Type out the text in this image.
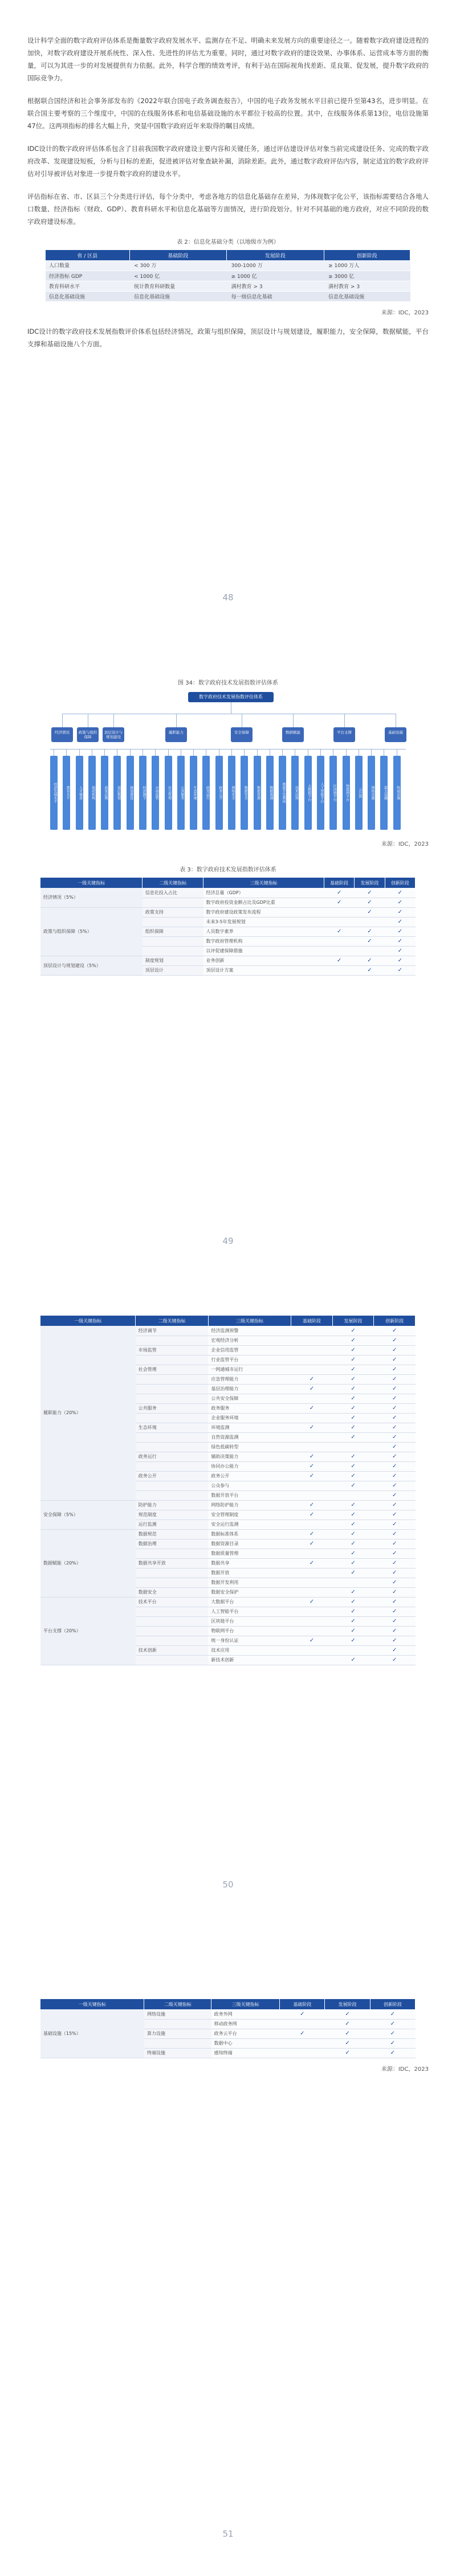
设计科学全面的数字政府评估体系是衡量数字政府发展水平、监测存在不足、明确未来发展方向的重要途径之一。随着数字政府建设进程的加快，对数字政府建设开展系统性、深入性、先进性的评估尤为重要。同时，通过对数字政府的建设效果、办事体系、运营成本等方面的衡量，可以为其进一步的对发展提供有力依据。此外，科学合理的绩效考评，有利于站在国际视角找差距、觅良策、促发展，提升数字政府的国际竞争力。

根据联合国经济和社会事务部发布的《2022年联合国电子政务调查报告》，中国的电子政务发展水平目前已提升至第43名，进步明显。在联合国主要考察的三个维度中，中国的在线服务体系和电信基础设施的水平都位于较高的位置。其中，在线服务体系第13位，电信设施第47位。这两项指标的排名大幅上升，突显中国数字政府近年来取得的瞩目成绩。

IDC设计的数字政府评估体系包含了目前我国数字政府建设主要内容和关键任务，通过评估建设评估对象当前完成建设任务、完成的数字政府改革、发现建设短板，分析与目标的差距，促进被评估对象查缺补漏，消除差距。此外，通过数字政府评估内容，制定适宜的数字政府评估对引导被评估对象进一步提升数字政府的建设水平。

评估指标在省、市、区县三个分类进行评估，每个分类中，考虑各地方的信息化基础存在差异，为体现数字化公平，该指标需要结合各地人口数量、经济指标（财政、GDP）、教育科研水平和信息化基础等方面情况，进行阶段划分。针对不同基础的地方政府，对应不同阶段的数字政府建设标准。

表 2：信息化基础分类（以地级市为例）

省 / 区县	基础阶段	发展阶段	创新阶段
人口数量	< 300 万	300-1000 万	≥ 1000 万人
经济指标 GDP	< 1000 亿	≥ 1000 亿	≥ 3000 亿
教育科研水平	统计教育科研数量	满村教育 > 3	满村教育 > 3
信息化基础设施	信息化基础设施	每一级信息化基础	信息化基础设施

来源：IDC，2023

IDC设计的数字政府技术发展指数评价体系包括经济情况，政策与组织保障，顶层设计与规划建设，履职能力，安全保障，数据赋能，平台支撑和基础设施八个方面。

48

图 34：数字政府技术发展指数评估体系

数字政府技术发展指数评估体系
经济情况	政策与组织保障
顶层设计与规划建设
履职能力	安全保障	数据赋能	平台支撑	基础设施
经济发展水平	教育水平	人才储备	组织机构	政策法规	顶层规划	规划建设	经济调节	市场监管	社会管理	公共服务	生态环境	政务运行	政务公开	网络安全	数据安全	数据资源	数据流通	数据开发利用	技术应用	大数据平台	人工智能平台	区块链平台	物联网平台	云计算	网络设施	算力设施	终端设施

来源：IDC，2023

表 3：数字政府技术发展指数评估体系

一级关键指标	二级关键指标	三级关键指标	基础阶段	发展阶段	创新阶段
经济情况（5%）	信息化投入占比	经济总量（GDP）	✓	✓	✓
		数字政府投资金额占比及GDP比重	✓	✓	✓
政策与组织保障（5%）	政策支持	数字政府建设政策发布流程		✓	✓
		未来3-5年发展规划			✓
	组织保障	人员数字素养	✓	✓	✓
		数字政府管理机构		✓	✓
		以评促建保障措施			✓
顶层设计与规划建设（5%）	制度规划	业务创新	✓	✓	✓
	顶层设计	顶层设计方案		✓	✓
49
一级关键指标	二级关键指标	三级关键指标	基础阶段	发展阶段	创新阶段
履职能力（20%）	经济调节	经济监测预警		✓	✓
		宏观经济分析		✓	✓
	市场监管	企业信用监管		✓	✓
		行业监管平台		✓	✓
	社会管理	一网通城市运行		✓	✓
		应急管理能力	✓	✓	✓
		基层治理能力	✓	✓	✓
		公共安全保障		✓	✓
	公共服务	政务服务	✓	✓	✓
		企业服务环境		✓	✓
	生态环境	环境监测	✓	✓	✓
		自然资源监测		✓	✓
		绿色低碳转型			✓
	政务运行	辅助决策能力	✓	✓	✓
		协同办公能力	✓	✓	✓
	政务公开	政务公开	✓	✓	✓
		公众参与		✓	✓
		数据开放平台			✓
安全保障（5%）	防护能力	网络防护能力	✓	✓	✓
	规范制度	安全管理制度	✓	✓	✓
	运行监测	安全运行监测		✓	✓
数据赋能（20%）	数据规范	数据标准体系	✓	✓	✓
	数据治理	数据资源目录	✓	✓	✓
		数据质量管理		✓	✓
	数据共享开放	数据共享	✓	✓	✓
		数据开放		✓	✓
		数据开发利用			✓
	数据安全	数据安全保护		✓	✓
平台支撑（20%）	技术平台	大数据平台	✓	✓	✓
		人工智能平台		✓	✓
		区块链平台		✓	✓
		物联网平台		✓	✓
		统一身份认证	✓	✓	✓
	技术创新	技术应用			✓
		新技术创新		✓	✓
50
一级关键指标	二级关键指标	三级关键指标	基础阶段	发展阶段	创新阶段
基础设施（15%）	网络设施	政务外网	✓	✓	✓
		移动政务网		✓	✓
	算力设施	政务云平台	✓	✓	✓
		数据中心		✓	✓
	终端设施	感知终端		✓	✓

来源：IDC，2023

51
